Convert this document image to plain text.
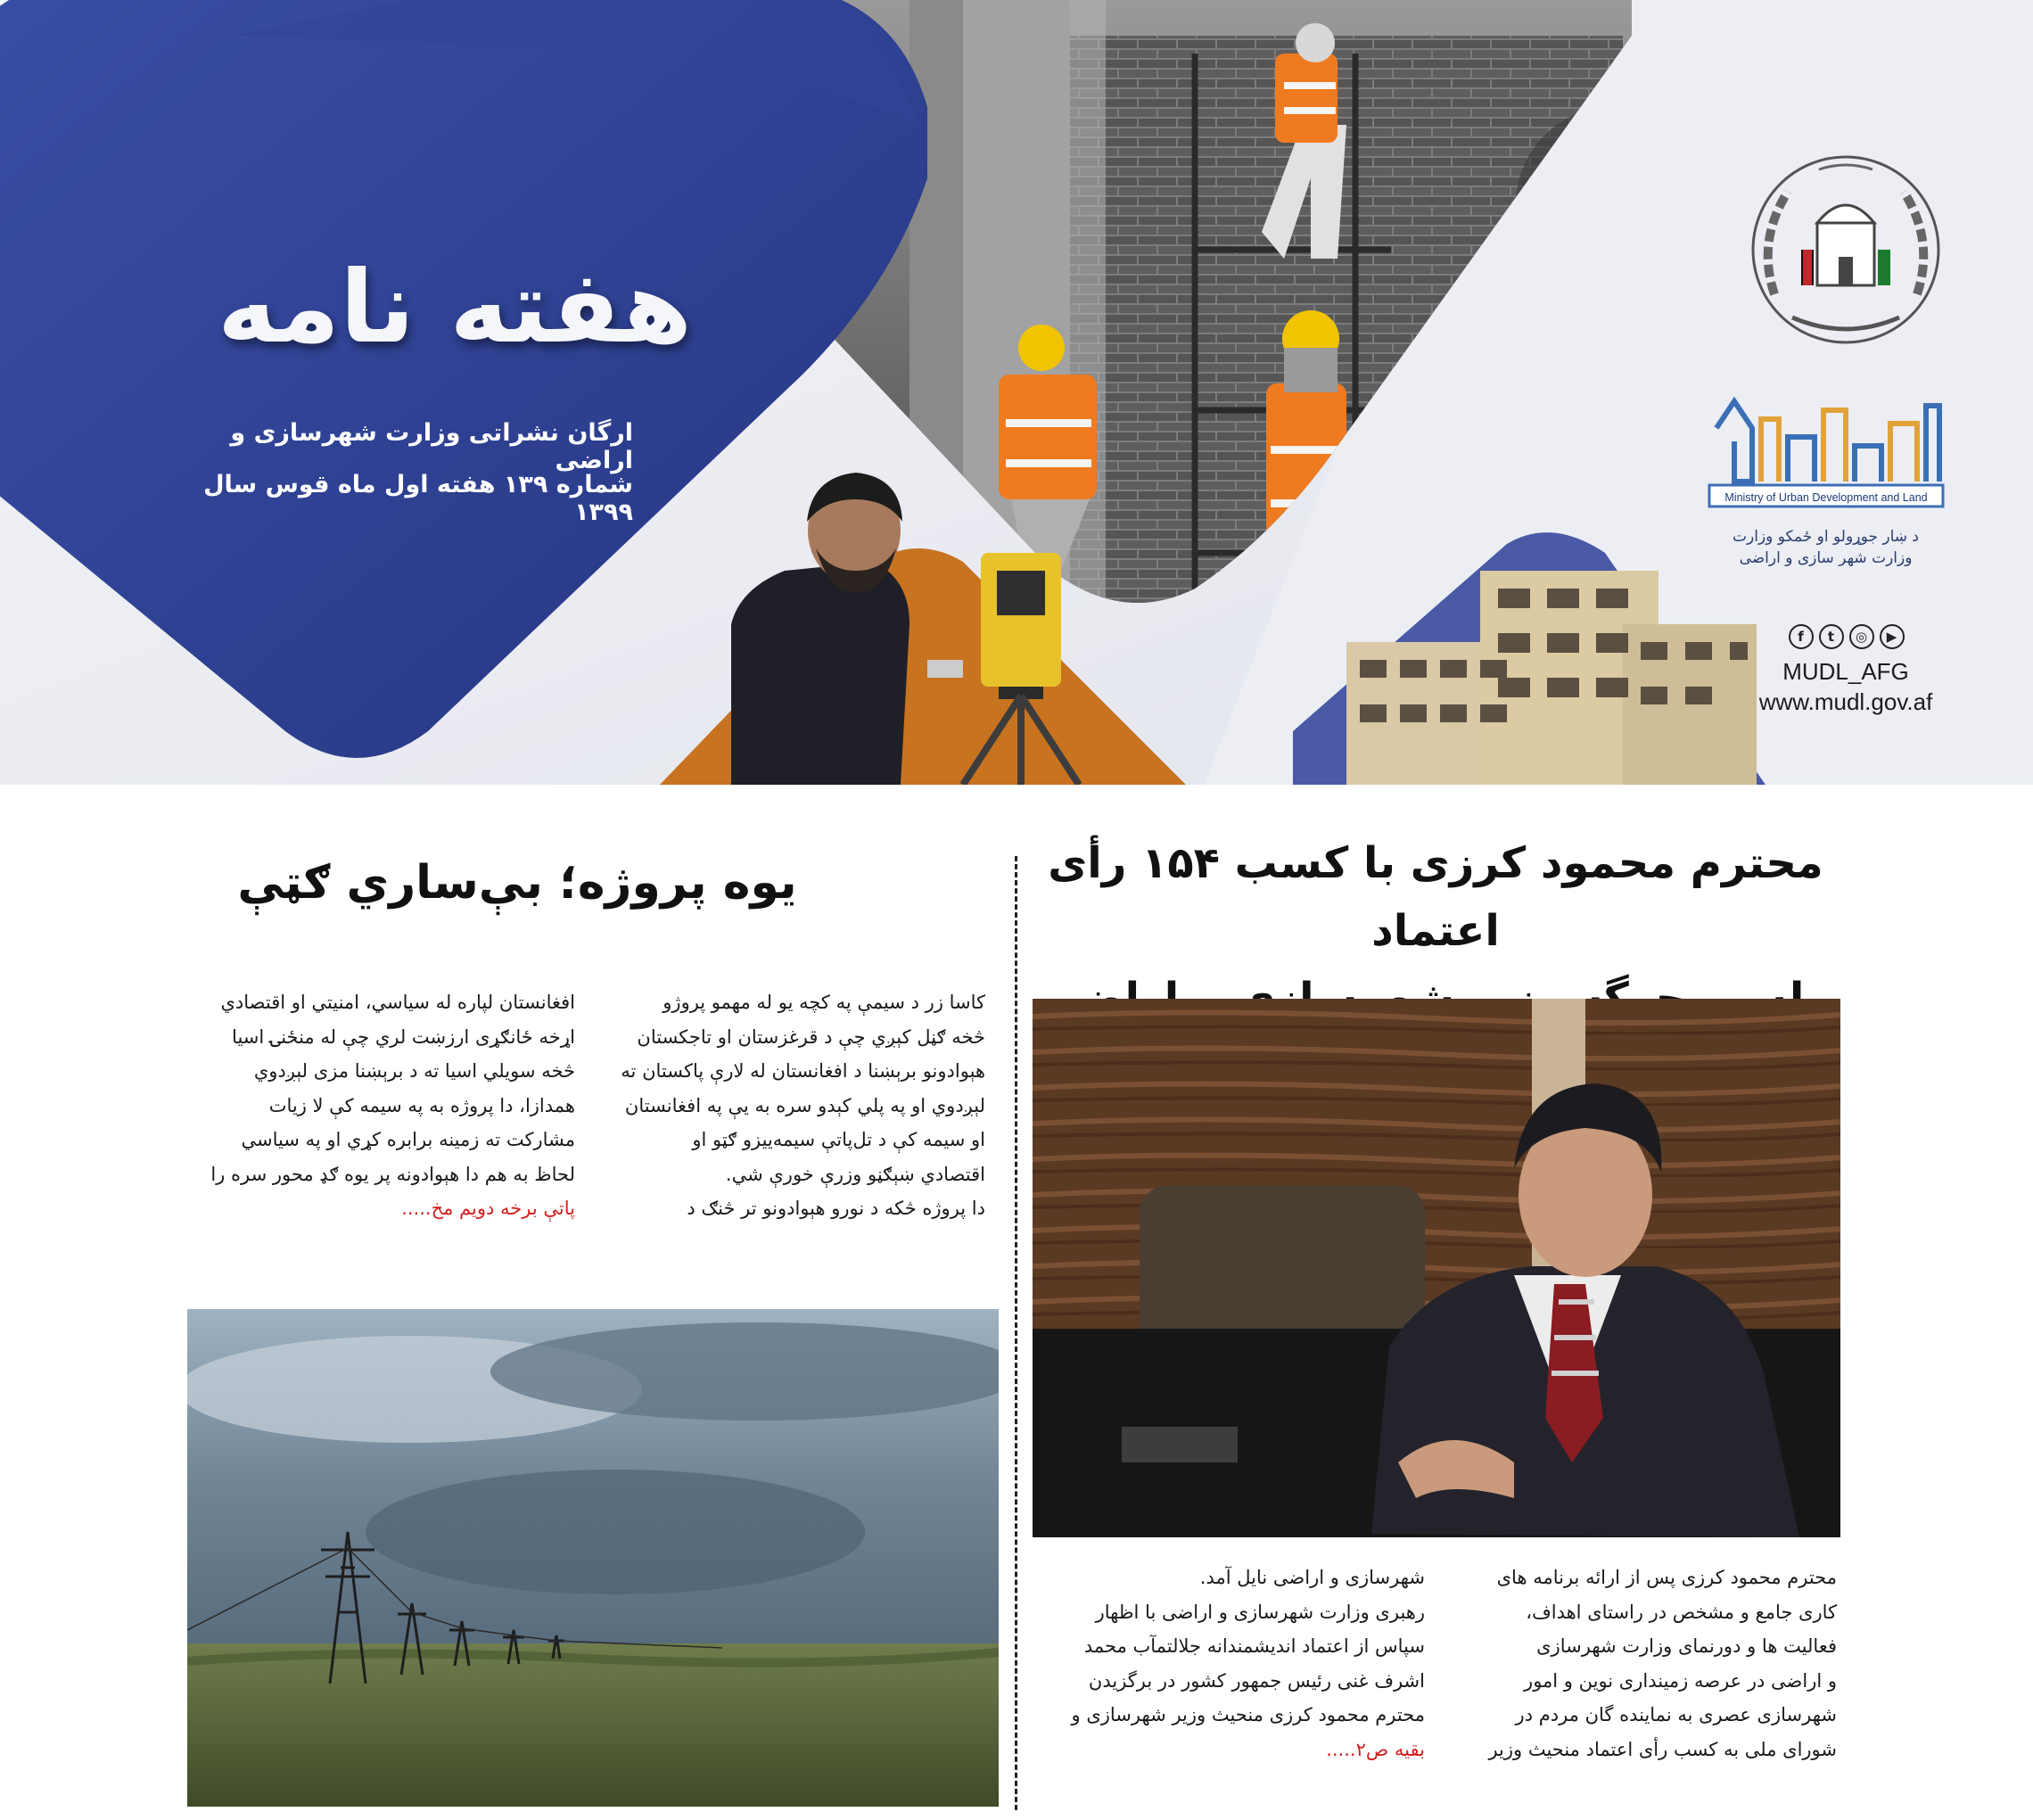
هفته نامه
ارگان نشراتی وزارت شهرسازی و اراضی
شماره ۱۳۹ هفته اول ماه قوس سال ۱۳۹۹
Ministry of Urban Development and Land
د ښار جوړولو او ځمکو وزارت
وزارت شهر سازی و اراضی
f	t	◎	▶
MUDL_AFG
www.mudl.gov.af
محترم محمود کرزی با کسب ۱۵۴ رأی اعتماد

محترم محمود کرزی پس از ارائه برنامه های

کاری جامع و مشخص در راستای اهداف،

فعالیت ها و دورنمای وزارت شهرسازی

و اراضی در عرصه زمینداری نوین و امور

شهرسازی عصری به نماینده گان مردم در

شورای ملی به کسب رأی اعتماد منحیث وزیر

شهرسازی و اراضی نایل آمد.

رهبری وزارت شهرسازی و اراضی با اظهار

سپاس از اعتماد اندیشمندانه جلالتمآب محمد

اشرف غنی رئیس جمهور کشور در برگزیدن

محترم محمود کرزی منحیث وزیر شهرسازی و

بقیه ص۲.....

یوه پروژه؛ بې‌ساري ګټې

کاسا زر د سیمې په کچه یو له مهمو پروژو

څخه ګڼل کېږي چې د قرغزستان او تاجکستان

هېوادونو برېښنا د افغانستان له لارې پاکستان ته

لېږدوي او په پلي کېدو سره به یې په افغانستان

او سیمه کې د تل‌پاتې سیمه‌ییزو ګټو او

اقتصادي ښېګڼو وزرې خورې شي.

دا پروژه څکه د نورو هېوادونو تر څنګ د

افغانستان لپاره له سیاسي، امنیتي او اقتصادي

اړخه ځانګړی ارزښت لري چې له منځنۍ اسیا

څخه سویلي اسیا ته د برېښنا مزی لېږدوي

همدازا، دا پروژه به په سیمه کې لا زیات

مشارکت ته زمینه برابره کړي او په سیاسي

لحاظ به هم دا هېوادونه پر یوه ګډ محور سره را

پاتې برخه دویم مخ.....
